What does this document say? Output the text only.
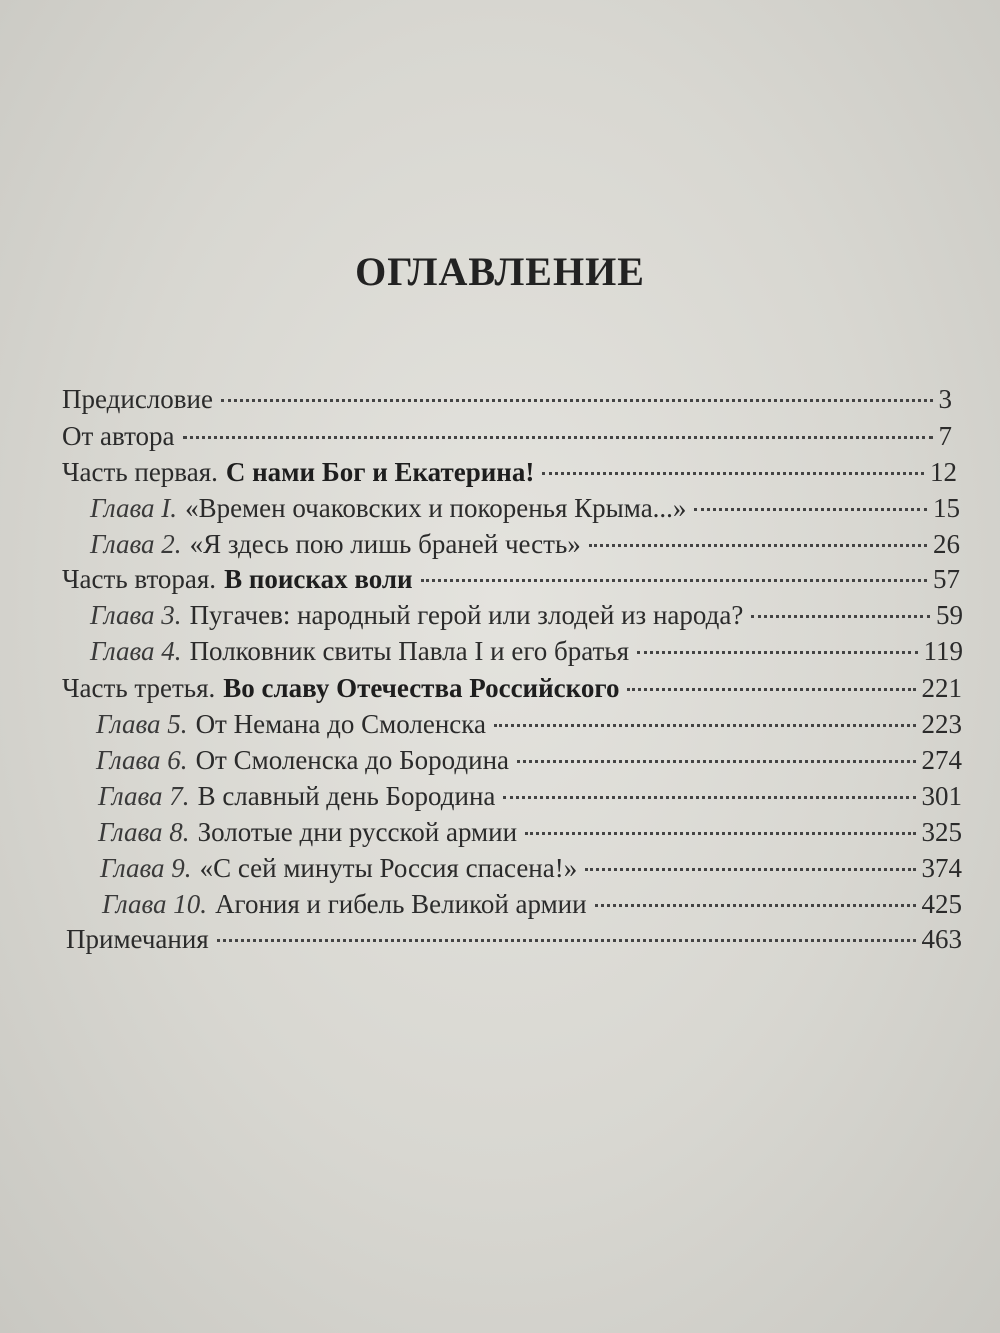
ОГЛАВЛЕНИЕ
Предисловие	3
От автора	7
Часть первая. С нами Бог и Екатерина!	12
Глава I. «Времен очаковских и покоренья Крыма...»	15
Глава 2. «Я здесь пою лишь браней честь»	26
Часть вторая. В поисках воли	57
Глава 3. Пугачев: народный герой или злодей из народа?	59
Глава 4. Полковник свиты Павла I и его братья	119
Часть третья. Во славу Отечества Российского	221
Глава 5. От Немана до Смоленска	223
Глава 6. От Смоленска до Бородина	274
Глава 7. В славный день Бородина	301
Глава 8. Золотые дни русской армии	325
Глава 9. «С сей минуты Россия спасена!»	374
Глава 10. Агония и гибель Великой армии	425
Примечания	463
